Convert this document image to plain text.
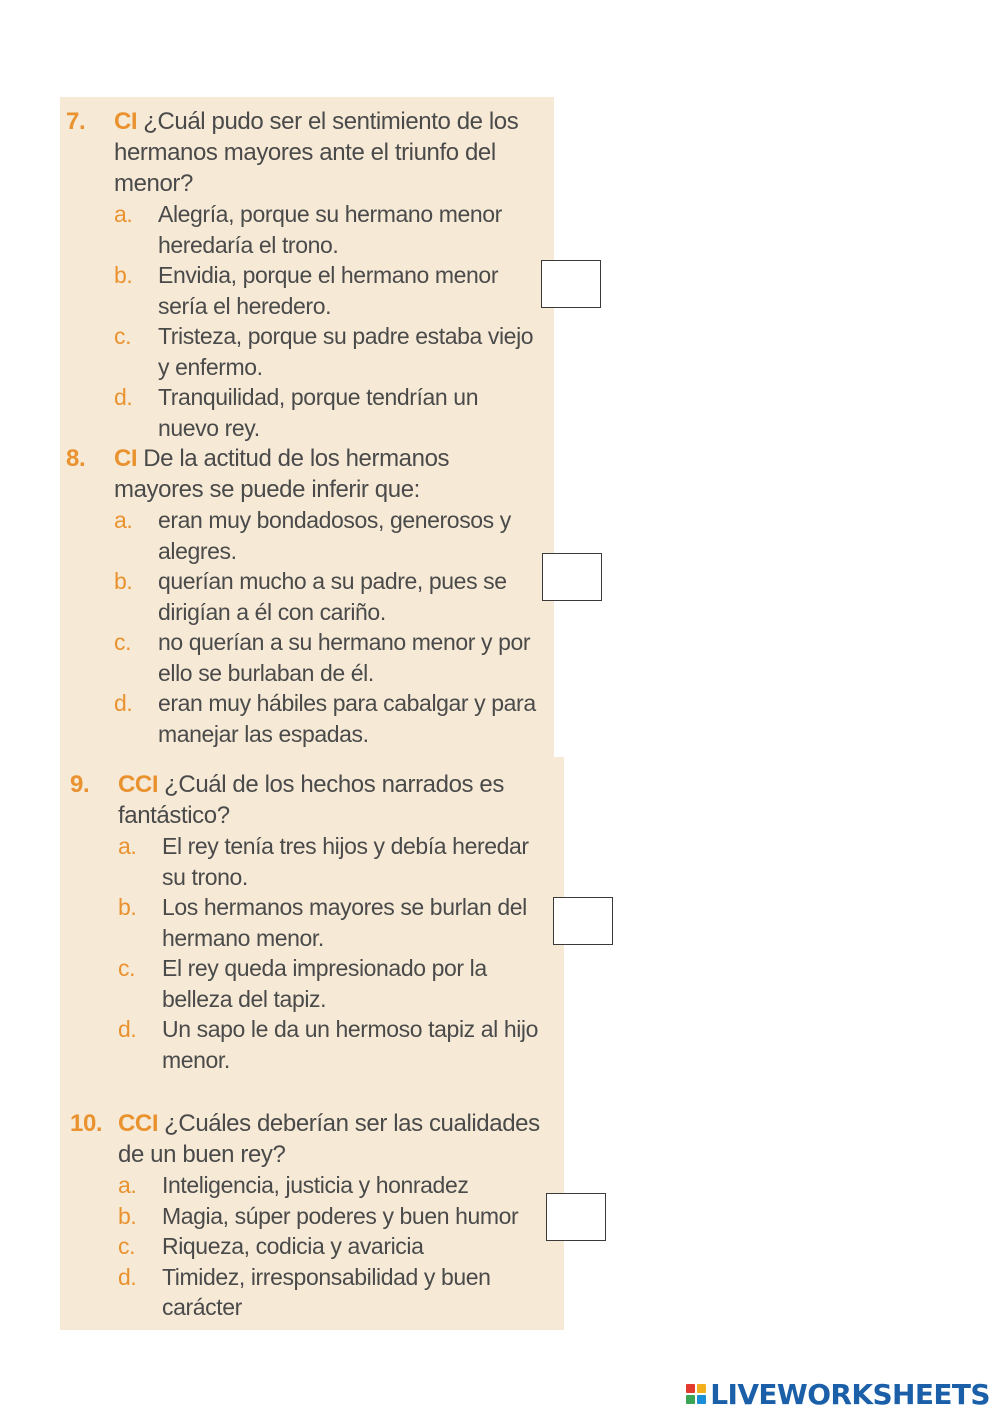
7.	CI ¿Cuál pudo ser el sentimiento de los hermanos mayores ante el triunfo del menor?
a.	Alegría, porque su hermano menor heredaría el trono.
b.	Envidia, porque el hermano menor sería el heredero.
c.	Tristeza, porque su padre estaba viejo y enfermo.
d.	Tranquilidad, porque tendrían un nuevo rey.
8.	CI De la actitud de los hermanos mayores se puede inferir que:
a.	eran muy bondadosos, generosos y alegres.
b.	querían mucho a su padre, pues se dirigían a él con cariño.
c.	no querían a su hermano menor y por ello se burlaban de él.
d.	eran muy hábiles para cabalgar y para manejar las espadas.
9.	CCI ¿Cuál de los hechos narrados es fantástico?
a.	El rey tenía tres hijos y debía heredar su trono.
b.	Los hermanos mayores se burlan del hermano menor.
c.	El rey queda impresionado por la belleza del tapiz.
d.	Un sapo le da un hermoso tapiz al hijo menor.
10. CCI ¿Cuáles deberían ser las cualidades de un buen rey?
a.	Inteligencia, justicia y honradez
b.	Magia, súper poderes y buen humor
c.	Riqueza, codicia y avaricia
d.	Timidez, irresponsabilidad y buen carácter
LIVEWORKSHEETS
